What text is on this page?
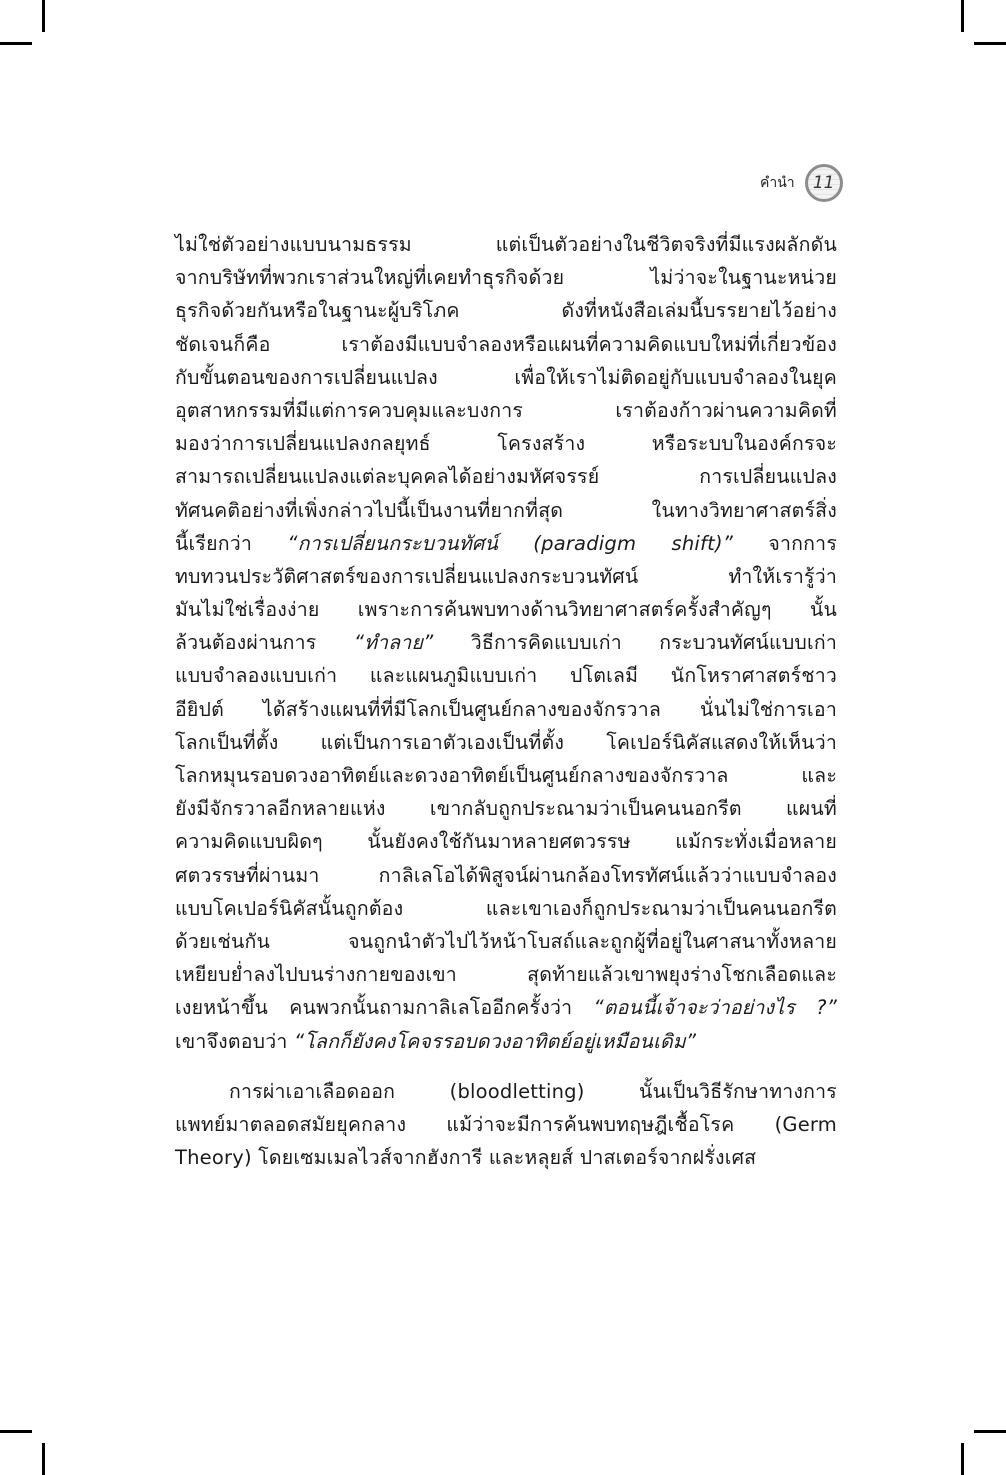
คำนำ 11
ไม่ใช่ตัวอย่างแบบนามธรรม แต่เป็นตัวอย่างในชีวิตจริงที่มีแรงผลักดัน
จากบริษัทที่พวกเราส่วนใหญ่ที่เคยทำธุรกิจด้วย ไม่ว่าจะในฐานะหน่วย
ธุรกิจด้วยกันหรือในฐานะผู้บริโภค ดังที่หนังสือเล่มนี้บรรยายไว้อย่าง
ชัดเจนก็คือ เราต้องมีแบบจำลองหรือแผนที่ความคิดแบบใหม่ที่เกี่ยวข้อง
กับขั้นตอนของการเปลี่ยนแปลง เพื่อให้เราไม่ติดอยู่กับแบบจำลองในยุค
อุตสาหกรรมที่มีแต่การควบคุมและบงการ เราต้องก้าวผ่านความคิดที่
มองว่าการเปลี่ยนแปลงกลยุทธ์ โครงสร้าง หรือระบบในองค์กรจะ
สามารถเปลี่ยนแปลงแต่ละบุคคลได้อย่างมหัศจรรย์ การเปลี่ยนแปลง
ทัศนคติอย่างที่เพิ่งกล่าวไปนี้เป็นงานที่ยากที่สุด ในทางวิทยาศาสตร์สิ่ง
นี้เรียกว่า “การเปลี่ยนกระบวนทัศน์ (paradigm shift)” จากการ
ทบทวนประวัติศาสตร์ของการเปลี่ยนแปลงกระบวนทัศน์ ทำให้เรารู้ว่า
มันไม่ใช่เรื่องง่าย เพราะการค้นพบทางด้านวิทยาศาสตร์ครั้งสำคัญๆ นั้น
ล้วนต้องผ่านการ “ทำลาย” วิธีการคิดแบบเก่า กระบวนทัศน์แบบเก่า
แบบจำลองแบบเก่า และแผนภูมิแบบเก่า ปโตเลมี นักโหราศาสตร์ชาว
อียิปต์ ได้สร้างแผนที่ที่มีโลกเป็นศูนย์กลางของจักรวาล นั่นไม่ใช่การเอา
โลกเป็นที่ตั้ง แต่เป็นการเอาตัวเองเป็นที่ตั้ง โคเปอร์นิคัสแสดงให้เห็นว่า
โลกหมุนรอบดวงอาทิตย์และดวงอาทิตย์เป็นศูนย์กลางของจักรวาล และ
ยังมีจักรวาลอีกหลายแห่ง เขากลับถูกประณามว่าเป็นคนนอกรีต แผนที่
ความคิดแบบผิดๆ นั้นยังคงใช้กันมาหลายศตวรรษ แม้กระทั่งเมื่อหลาย
ศตวรรษที่ผ่านมา กาลิเลโอได้พิสูจน์ผ่านกล้องโทรทัศน์แล้วว่าแบบจำลอง
แบบโคเปอร์นิคัสนั้นถูกต้อง และเขาเองก็ถูกประณามว่าเป็นคนนอกรีต
ด้วยเช่นกัน จนถูกนำตัวไปไว้หน้าโบสถ์และถูกผู้ที่อยู่ในศาสนาทั้งหลาย
เหยียบย่ำลงไปบนร่างกายของเขา สุดท้ายแล้วเขาพยุงร่างโชกเลือดและ
เงยหน้าขึ้น คนพวกนั้นถามกาลิเลโออีกครั้งว่า “ตอนนี้เจ้าจะว่าอย่างไร ?”
เขาจึงตอบว่า “โลกก็ยังคงโคจรรอบดวงอาทิตย์อยู่เหมือนเดิม”
การผ่าเอาเลือดออก (bloodletting) นั้นเป็นวิธีรักษาทางการ
แพทย์มาตลอดสมัยยุคกลาง แม้ว่าจะมีการค้นพบทฤษฎีเชื้อโรค (Germ
Theory) โดยเซมเมลไวส์จากฮังการี และหลุยส์ ปาสเตอร์จากฝรั่งเศส
